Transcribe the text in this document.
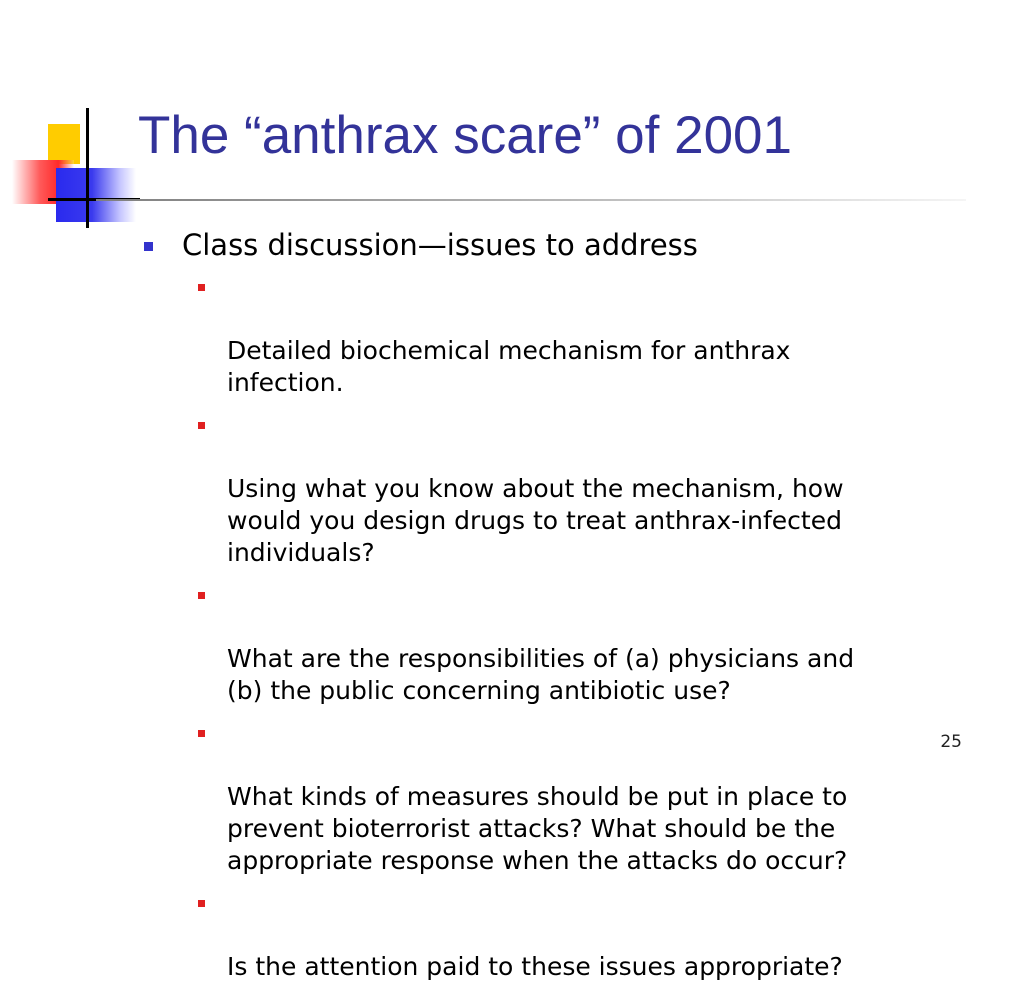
The “anthrax scare” of 2001
Class discussion—issues to address

Detailed biochemical mechanism for anthrax
infection.

Using what you know about the mechanism, how
would you design drugs to treat anthrax-infected
individuals?

What are the responsibilities of (a) physicians and
(b) the public concerning antibiotic use?

What kinds of measures should be put in place to
prevent bioterrorist attacks? What should be the
appropriate response when the attacks do occur?

Is the attention paid to these issues appropriate?

25
